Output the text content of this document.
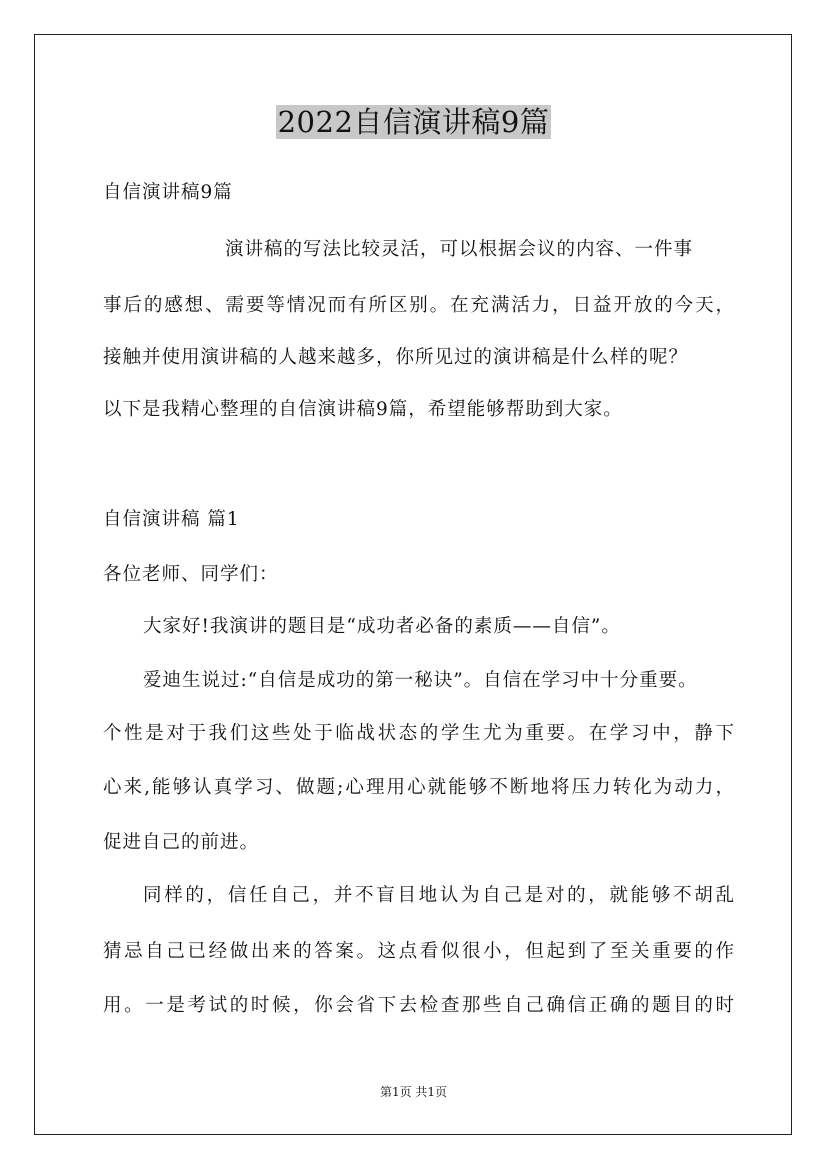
2022自信演讲稿9篇
自信演讲稿9篇
演讲稿的写法比较灵活，可以根据会议的内容、一件事
事后的感想、需要等情况而有所区别。在充满活力，日益开放的今天，
接触并使用演讲稿的人越来越多，你所见过的演讲稿是什么样的呢？
以下是我精心整理的自信演讲稿9篇，希望能够帮助到大家。
自信演讲稿 篇1
各位老师、同学们：
大家好!我演讲的题目是“成功者必备的素质——自信”。
爱迪生说过:“自信是成功的第一秘诀”。自信在学习中十分重要。
个性是对于我们这些处于临战状态的学生尤为重要。在学习中，静下
心来,能够认真学习、做题;心理用心就能够不断地将压力转化为动力，
促进自己的前进。
同样的，信任自己，并不盲目地认为自己是对的，就能够不胡乱
猜忌自己已经做出来的答案。这点看似很小，但起到了至关重要的作
用。一是考试的时候，你会省下去检查那些自己确信正确的题目的时
第1页 共1页
